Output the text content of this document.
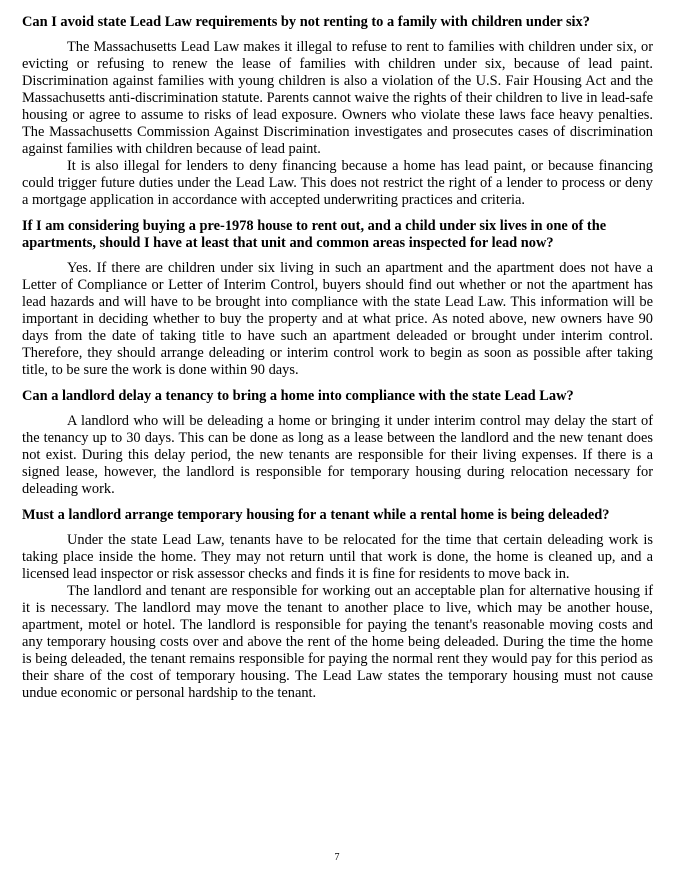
Can I avoid state Lead Law requirements by not renting to a family with children under six?

The Massachusetts Lead Law makes it illegal to refuse to rent to families with children under six, or evicting or refusing to renew the lease of families with children under six, because of lead paint. Discrimination against families with young children is also a violation of the U.S. Fair Housing Act and the Massachusetts anti-discrimination statute. Parents cannot waive the rights of their children to live in lead-safe housing or agree to assume to risks of lead exposure. Owners who violate these laws face heavy penalties. The Massachusetts Commission Against Discrimination investigates and prosecutes cases of discrimination against families with children because of lead paint.

It is also illegal for lenders to deny financing because a home has lead paint, or because financing could trigger future duties under the Lead Law. This does not restrict the right of a lender to process or deny a mortgage application in accordance with accepted underwriting practices and criteria.

If I am considering buying a pre-1978 house to rent out, and a child under six lives in one of the apartments, should I have at least that unit and common areas inspected for lead now?

Yes. If there are children under six living in such an apartment and the apartment does not have a Letter of Compliance or Letter of Interim Control, buyers should find out whether or not the apartment has lead hazards and will have to be brought into compliance with the state Lead Law. This information will be important in deciding whether to buy the property and at what price. As noted above, new owners have 90 days from the date of taking title to have such an apartment deleaded or brought under interim control. Therefore, they should arrange deleading or interim control work to begin as soon as possible after taking title, to be sure the work is done within 90 days.

Can a landlord delay a tenancy to bring a home into compliance with the state Lead Law?

A landlord who will be deleading a home or bringing it under interim control may delay the start of the tenancy up to 30 days. This can be done as long as a lease between the landlord and the new tenant does not exist. During this delay period, the new tenants are responsible for their living expenses. If there is a signed lease, however, the landlord is responsible for temporary housing during relocation necessary for deleading work.

Must a landlord arrange temporary housing for a tenant while a rental home is being deleaded?

Under the state Lead Law, tenants have to be relocated for the time that certain deleading work is taking place inside the home. They may not return until that work is done, the home is cleaned up, and a licensed lead inspector or risk assessor checks and finds it is fine for residents to move back in.

The landlord and tenant are responsible for working out an acceptable plan for alternative housing if it is necessary. The landlord may move the tenant to another place to live, which may be another house, apartment, motel or hotel. The landlord is responsible for paying the tenant's reasonable moving costs and any temporary housing costs over and above the rent of the home being deleaded. During the time the home is being deleaded, the tenant remains responsible for paying the normal rent they would pay for this period as their share of the cost of temporary housing. The Lead Law states the temporary housing must not cause undue economic or personal hardship to the tenant.

7
